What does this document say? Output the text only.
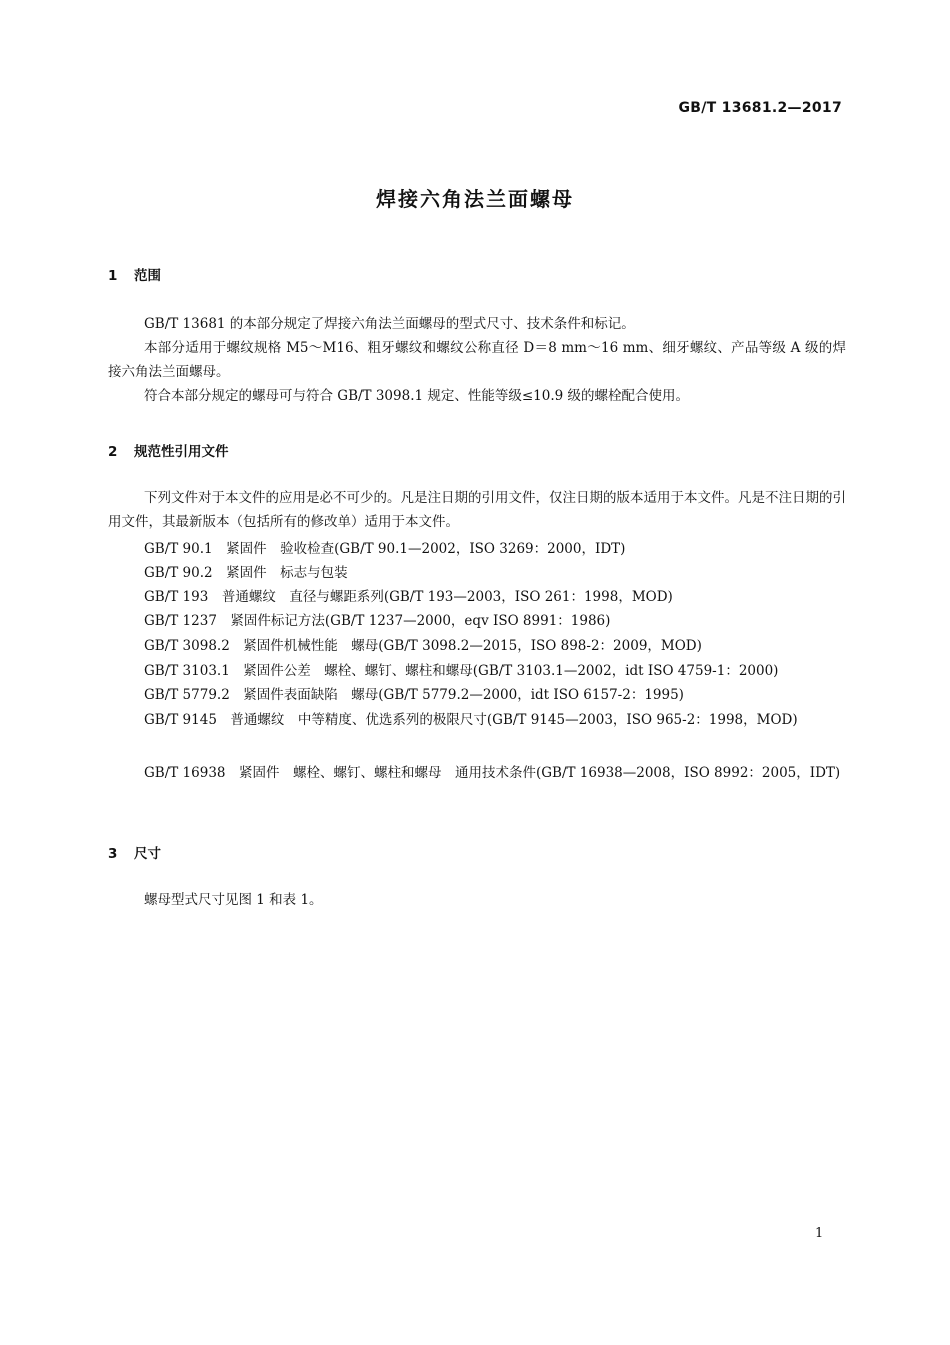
GB/T 13681.2—2017
焊接六角法兰面螺母
1 范围
GB/T 13681 的本部分规定了焊接六角法兰面螺母的型式尺寸、技术条件和标记。
本部分适用于螺纹规格 M5～M16、粗牙螺纹和螺纹公称直径 D＝8 mm～16 mm、细牙螺纹、产品等级 A 级的焊接六角法兰面螺母。
符合本部分规定的螺母可与符合 GB/T 3098.1 规定、性能等级≤10.9 级的螺栓配合使用。
2 规范性引用文件
下列文件对于本文件的应用是必不可少的。凡是注日期的引用文件，仅注日期的版本适用于本文件。凡是不注日期的引用文件，其最新版本（包括所有的修改单）适用于本文件。
GB/T 90.1　紧固件　验收检查(GB/T 90.1—2002，ISO 3269：2000，IDT)
GB/T 90.2　紧固件　标志与包装
GB/T 193　普通螺纹　直径与螺距系列(GB/T 193—2003，ISO 261：1998，MOD)
GB/T 1237　紧固件标记方法(GB/T 1237—2000，eqv ISO 8991：1986)
GB/T 3098.2　紧固件机械性能　螺母(GB/T 3098.2—2015，ISO 898-2：2009，MOD)
GB/T 3103.1　紧固件公差　螺栓、螺钉、螺柱和螺母(GB/T 3103.1—2002，idt ISO 4759-1：2000)
GB/T 5779.2　紧固件表面缺陷　螺母(GB/T 5779.2—2000，idt ISO 6157-2：1995)
GB/T 9145　普通螺纹　中等精度、优选系列的极限尺寸(GB/T 9145—2003，ISO 965-2：1998，MOD)
GB/T 16938　紧固件　螺栓、螺钉、螺柱和螺母　通用技术条件(GB/T 16938—2008，ISO 8992：2005，IDT)
3 尺寸
螺母型式尺寸见图 1 和表 1。
1
